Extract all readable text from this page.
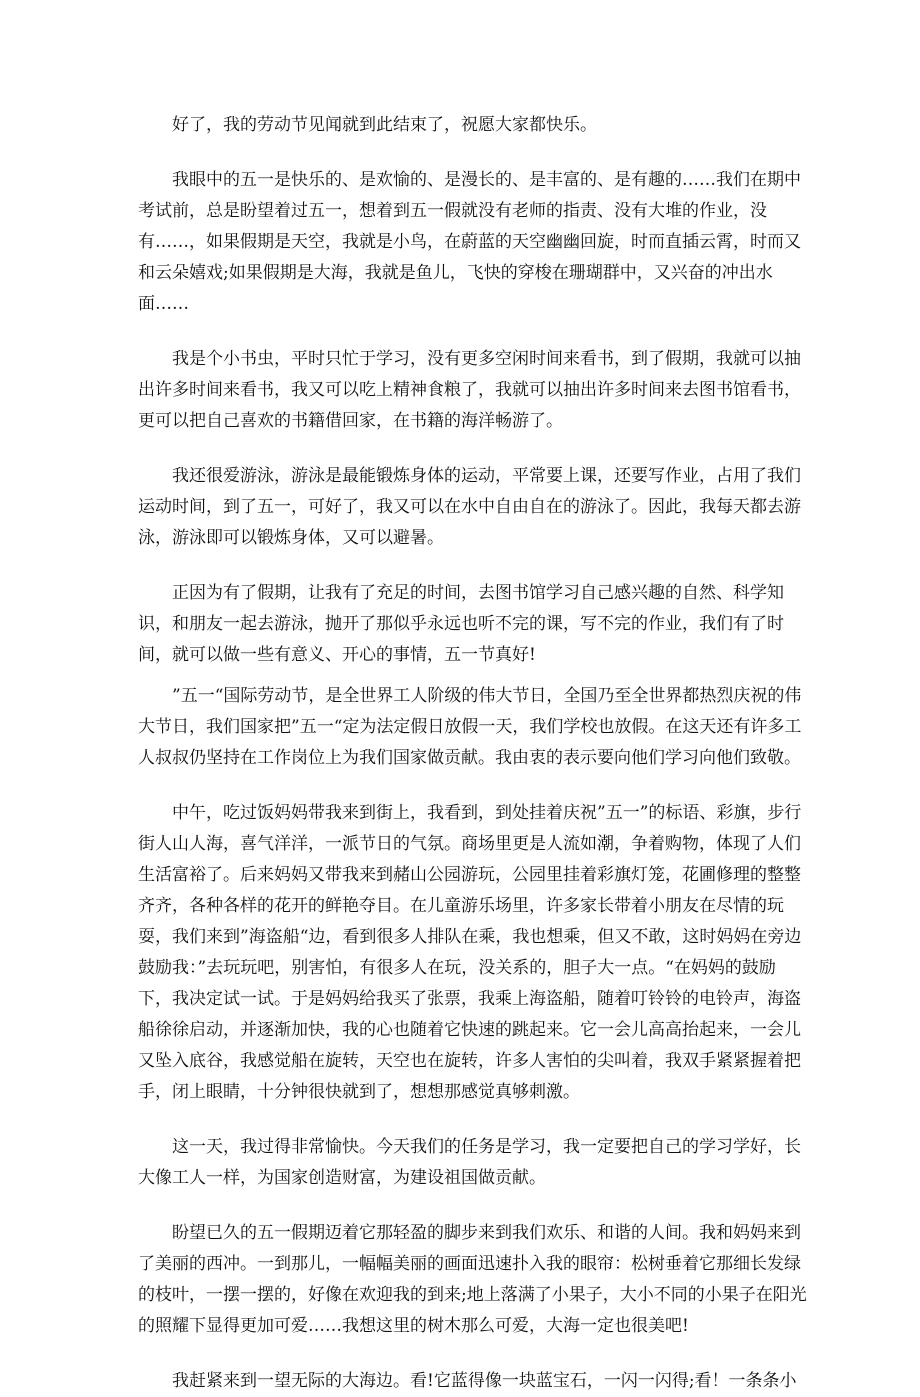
好了，我的劳动节见闻就到此结束了，祝愿大家都快乐。

我眼中的五一是快乐的、是欢愉的、是漫长的、是丰富的、是有趣的……我们在期中考试前，总是盼望着过五一，想着到五一假就没有老师的指责、没有大堆的作业，没有……，如果假期是天空，我就是小鸟，在蔚蓝的天空幽幽回旋，时而直插云霄，时而又和云朵嬉戏;如果假期是大海，我就是鱼儿，飞快的穿梭在珊瑚群中，又兴奋的冲出水面……

我是个小书虫，平时只忙于学习，没有更多空闲时间来看书，到了假期，我就可以抽出许多时间来看书，我又可以吃上精神食粮了，我就可以抽出许多时间来去图书馆看书，更可以把自己喜欢的书籍借回家，在书籍的海洋畅游了。

我还很爱游泳，游泳是最能锻炼身体的运动，平常要上课，还要写作业，占用了我们运动时间，到了五一，可好了，我又可以在水中自由自在的游泳了。因此，我每天都去游泳，游泳即可以锻炼身体，又可以避暑。

正因为有了假期，让我有了充足的时间，去图书馆学习自己感兴趣的自然、科学知识，和朋友一起去游泳，抛开了那似乎永远也听不完的课，写不完的作业，我们有了时间，就可以做一些有意义、开心的事情，五一节真好!

”五一“国际劳动节，是全世界工人阶级的伟大节日，全国乃至全世界都热烈庆祝的伟大节日，我们国家把”五一“定为法定假日放假一天，我们学校也放假。在这天还有许多工人叔叔仍坚持在工作岗位上为我们国家做贡献。我由衷的表示要向他们学习向他们致敬。

中午，吃过饭妈妈带我来到街上，我看到，到处挂着庆祝”五一”的标语、彩旗，步行街人山人海，喜气洋洋，一派节日的气氛。商场里更是人流如潮，争着购物，体现了人们生活富裕了。后来妈妈又带我来到赭山公园游玩，公园里挂着彩旗灯笼，花圃修理的整整齐齐，各种各样的花开的鲜艳夺目。在儿童游乐场里，许多家长带着小朋友在尽情的玩耍，我们来到”海盗船“边，看到很多人排队在乘，我也想乘，但又不敢，这时妈妈在旁边鼓励我：”去玩玩吧，别害怕，有很多人在玩，没关系的，胆子大一点。“在妈妈的鼓励下，我决定试一试。于是妈妈给我买了张票，我乘上海盗船，随着叮铃铃的电铃声，海盗船徐徐启动，并逐渐加快，我的心也随着它快速的跳起来。它一会儿高高抬起来，一会儿又坠入底谷，我感觉船在旋转，天空也在旋转，许多人害怕的尖叫着，我双手紧紧握着把手，闭上眼睛，十分钟很快就到了，想想那感觉真够刺激。

这一天，我过得非常愉快。今天我们的任务是学习，我一定要把自己的学习学好，长大像工人一样，为国家创造财富，为建设祖国做贡献。

盼望已久的五一假期迈着它那轻盈的脚步来到我们欢乐、和谐的人间。我和妈妈来到了美丽的西冲。一到那儿，一幅幅美丽的画面迅速扑入我的眼帘：松树垂着它那细长发绿的枝叶，一摆一摆的，好像在欢迎我的到来;地上落满了小果子，大小不同的小果子在阳光的照耀下显得更加可爱……我想这里的树木那么可爱，大海一定也很美吧!

我赶紧来到一望无际的大海边。看!它蓝得像一块蓝宝石，一闪一闪得;看！一条条小
